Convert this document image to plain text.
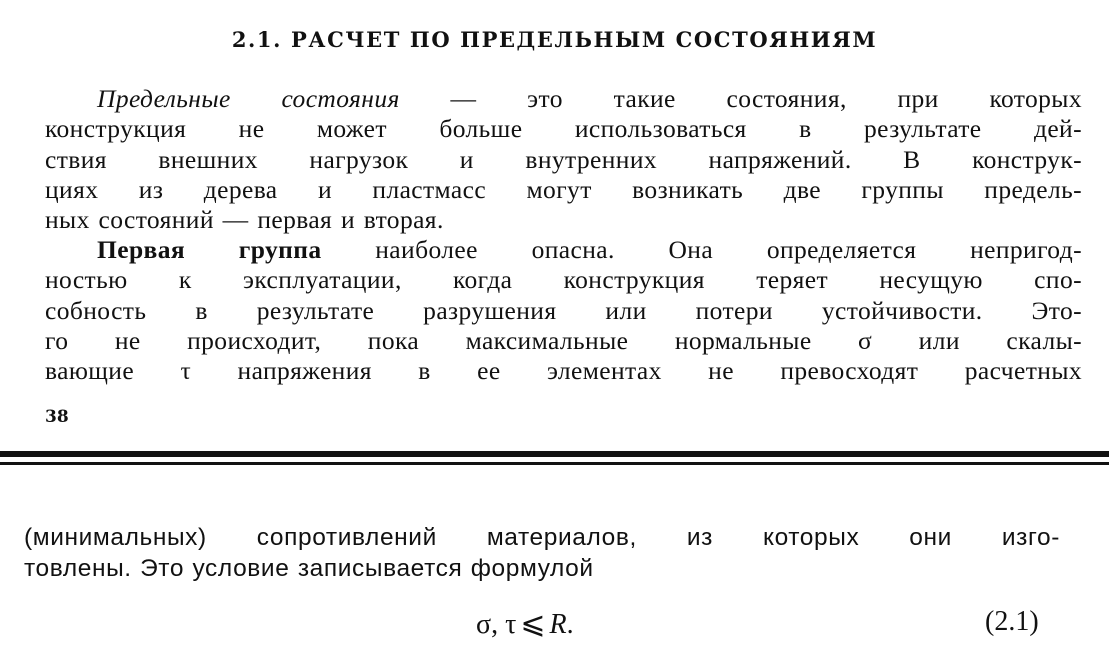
2.1. РАСЧЕТ ПО ПРЕДЕЛЬНЫМ СОСТОЯНИЯМ
Предельные состояния — это такие состояния, при которых
конструкция не может больше использоваться в результате дей-
ствия внешних нагрузок и внутренних напряжений. В конструк-
циях из дерева и пластмасс могут возникать две группы предель-
ных состояний — первая и вторая.
Первая группа наиболее опасна. Она определяется непригод-
ностью к эксплуатации, когда конструкция теряет несущую спо-
собность в результате разрушения или потери устойчивости. Это-
го не происходит, пока максимальные нормальные σ или скалы-
вающие τ напряжения в ее элементах не превосходят расчетных
38
(минимальных) сопротивлений материалов, из которых они изго-
товлены. Это условие записывается формулой
σ, τ ⩽ R.	(2.1)
